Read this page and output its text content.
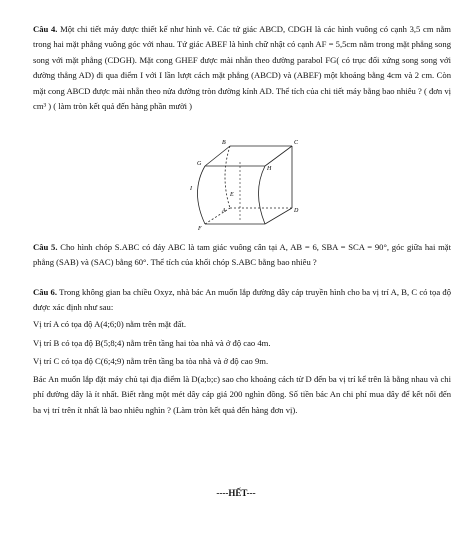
Câu 4. Một chi tiết máy được thiết kế như hình vẽ. Các tứ giác ABCD, CDGH là các hình vuông có cạnh 3,5 cm nằm trong hai mặt phẳng vuông góc với nhau. Tứ giác ABEF là hình chữ nhật có cạnh AF = 5,5cm nằm trong mặt phẳng song song với mặt phẳng (CDGH). Mặt cong GHEF được mài nhẵn theo đường parabol FG( có trục đối xứng song song với đường thẳng AD) đi qua điểm I với I lần lượt cách mặt phẳng (ABCD) và (ABEF) một khoảng bằng 4cm và 2 cm. Còn mặt cong ABCD được mài nhẵn theo nửa đường tròn đường kính AD. Thể tích của chi tiết máy bằng bao nhiêu ? ( đơn vị cm³ ) ( làm tròn kết quả đến hàng phần mười )
B	C
G
H
I
E
D
A
F
Câu 5. Cho hình chóp S.ABC có đáy ABC là tam giác vuông cân tại A, AB = 6, SBA = SCA = 90°, góc giữa hai mặt phẳng (SAB) và (SAC) bằng 60°. Thể tích của khối chóp S.ABC bằng bao nhiêu ?
Câu 6. Trong không gian ba chiều Oxyz, nhà bác An muốn lắp đường dây cáp truyền hình cho ba vị trí A, B, C có tọa độ được xác định như sau:
Vị trí A có tọa độ A(4;6;0) nằm trên mặt đất.
Vị trí B có tọa độ B(5;8;4) nằm trên tầng hai tòa nhà và ở độ cao 4m.
Vị trí C có tọa độ C(6;4;9) nằm trên tầng ba tòa nhà và ở độ cao 9m.
Bác An muốn lắp đặt máy chủ tại địa điểm là D(a;b;c) sao cho khoảng cách từ D đến ba vị trí kể trên là bằng nhau và chi phí đường dây là ít nhất. Biết rằng một mét dây cáp giá 200 nghìn đồng. Số tiền bác An chi phí mua dây để kết nối đến ba vị trí trên ít nhất là bao nhiêu nghìn ? (Làm tròn kết quả đến hàng đơn vị).
----HẾT---
